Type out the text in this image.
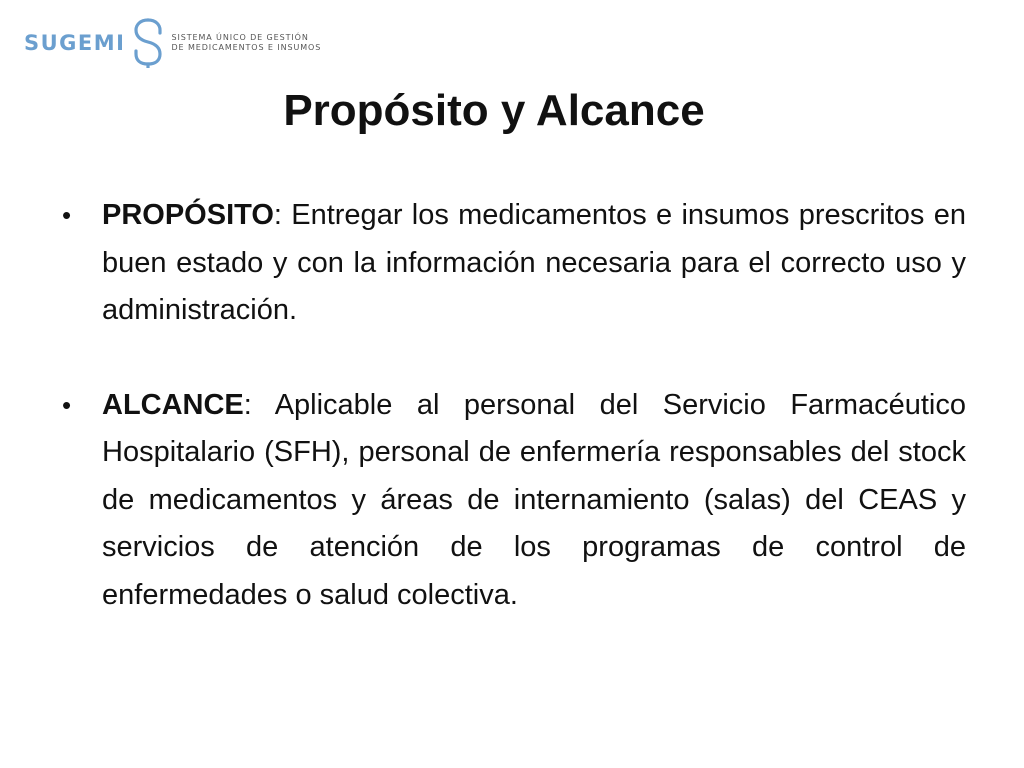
SUGEMI	SISTEMA ÚNICO DE GESTIÓN
DE MEDICAMENTOS E INSUMOS
Propósito y Alcance
• PROPÓSITO: Entregar los medicamentos e insumos prescritos en buen estado y con la información necesaria para el correcto uso y administración.
• ALCANCE: Aplicable al personal del Servicio Farmacéutico Hospitalario (SFH), personal de enfermería responsables del stock de medicamentos y áreas de internamiento (salas) del CEAS y servicios de atención de los programas de control de enfermedades o salud colectiva.
